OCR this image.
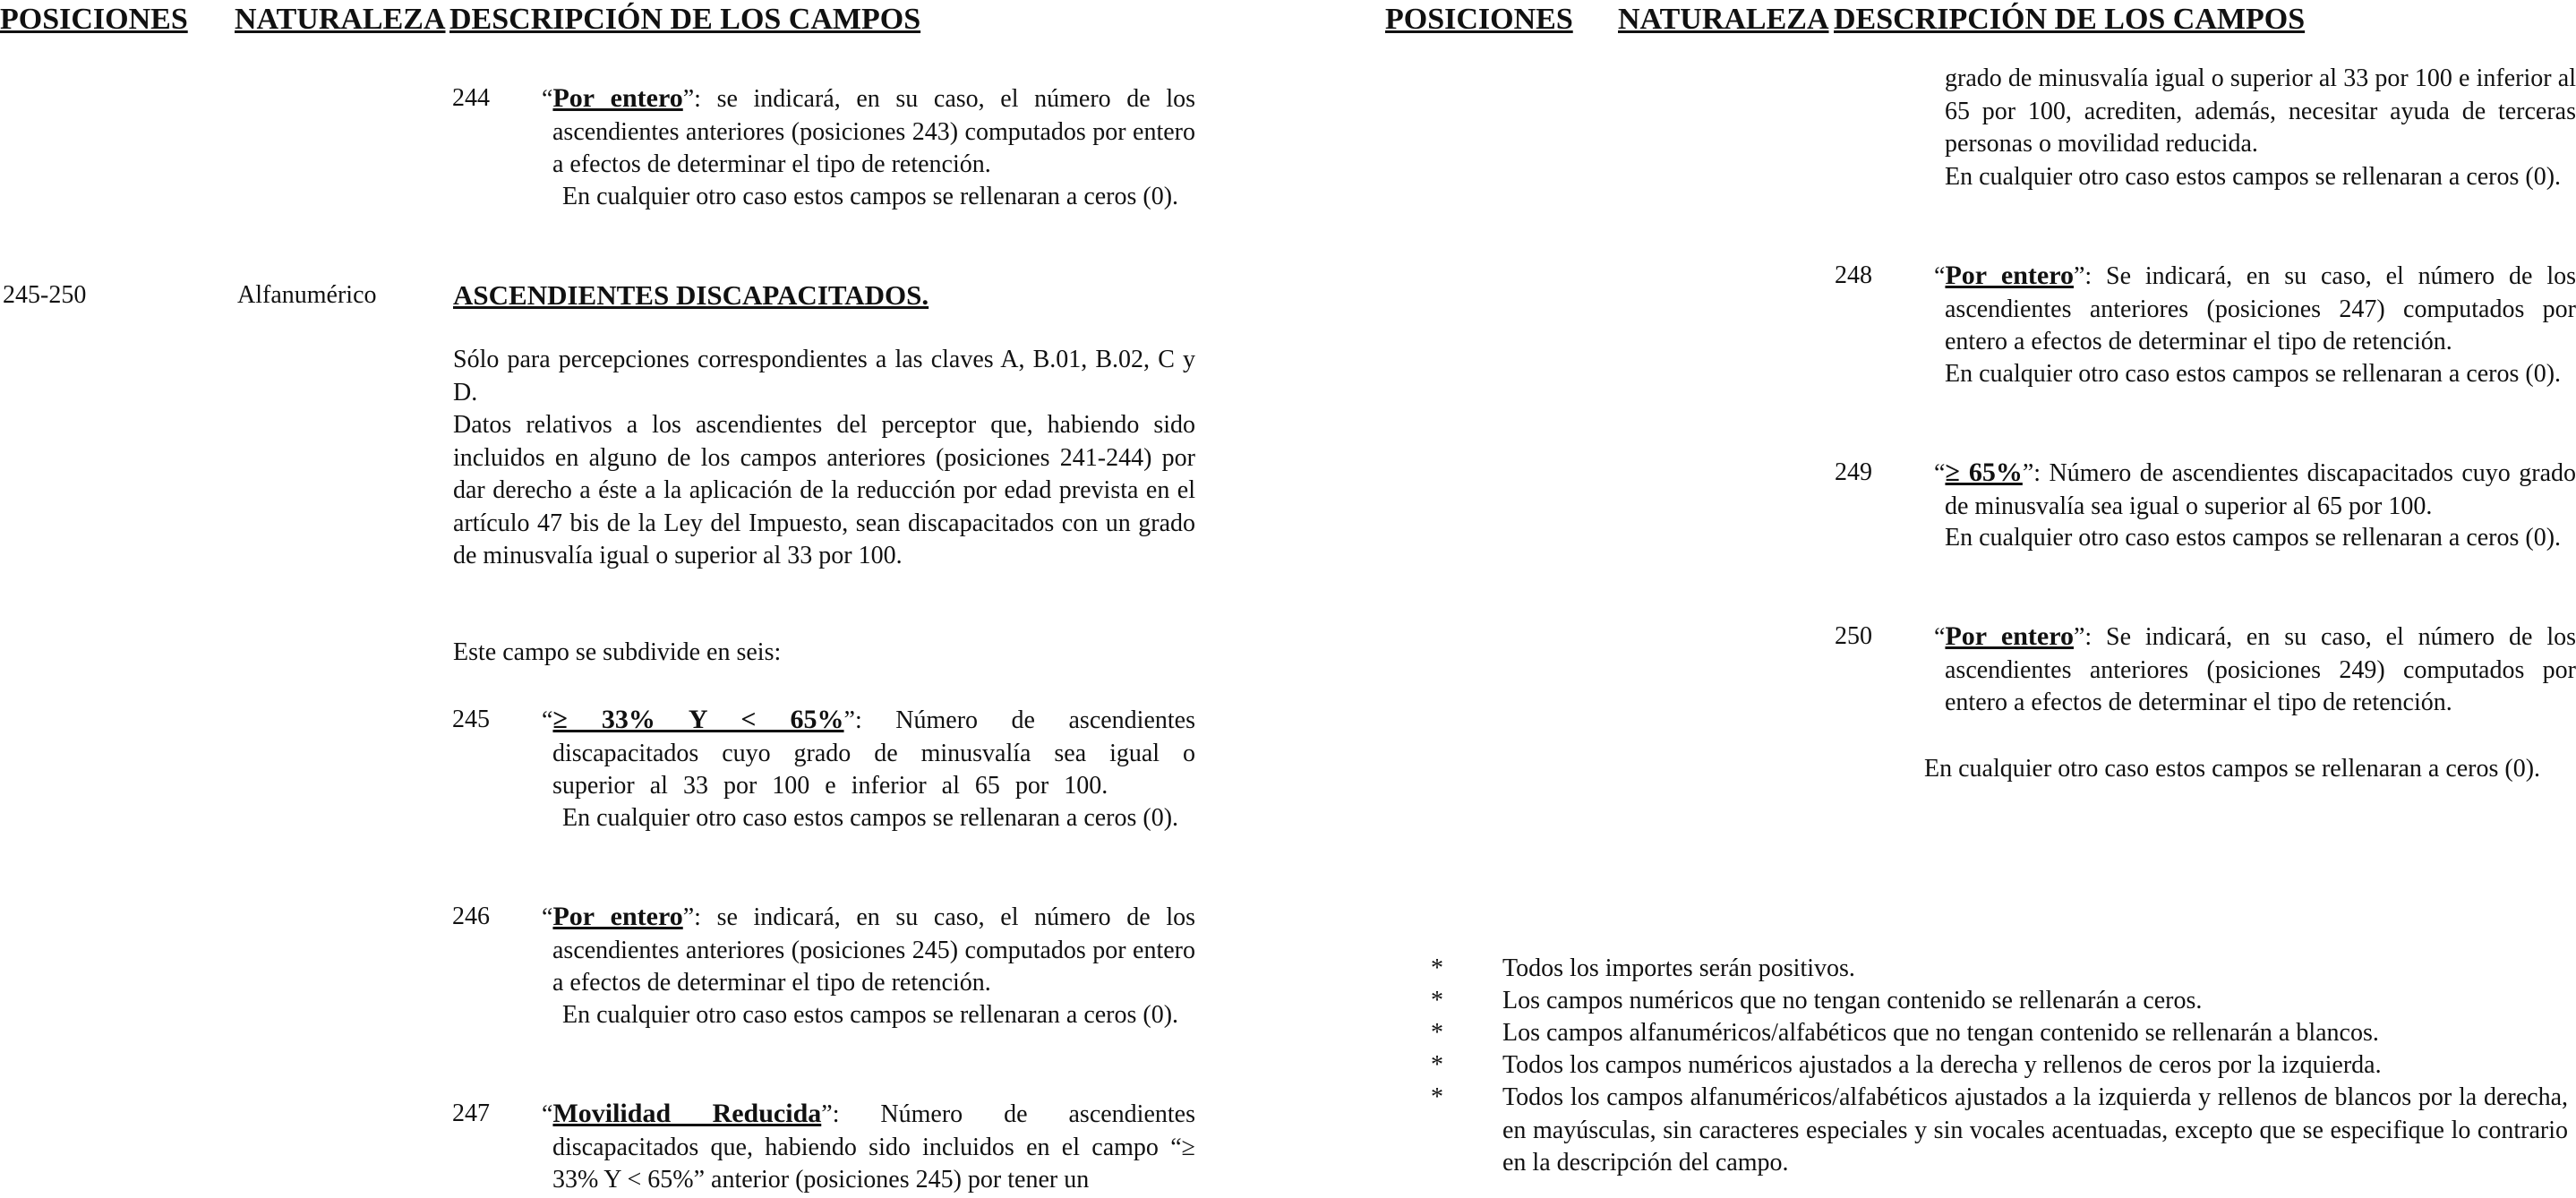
POSICIONES NATURALEZA DESCRIPCIÓN DE LOS CAMPOS
244 “Por entero”: se indicará, en su caso, el número de los ascendientes anteriores (posiciones 243) computados por entero a efectos de determinar el tipo de retención.
En cualquier otro caso estos campos se rellenaran a ceros (0).
245-250	Alfanumérico	ASCENDIENTES DISCAPACITADOS.
Sólo para percepciones correspondientes a las claves A, B.01, B.02, C y D.
Datos relativos a los ascendientes del perceptor que, habiendo sido incluidos en alguno de los campos anteriores (posiciones 241-244) por dar derecho a éste a la aplicación de la reducción por edad prevista en el artículo 47 bis de la Ley del Impuesto, sean discapacitados con un grado de minusvalía igual o superior al 33 por 100.
Este campo se subdivide en seis:
245 “≥ 33% Y < 65%”: Número de ascendientes discapacitados cuyo grado de minusvalía sea igual o superior al 33 por 100 e inferior al 65 por 100.
En cualquier otro caso estos campos se rellenaran a ceros (0).
246 “Por entero”: se indicará, en su caso, el número de los ascendientes anteriores (posiciones 245) computados por entero a efectos de determinar el tipo de retención.
En cualquier otro caso estos campos se rellenaran a ceros (0).
247 “Movilidad Reducida”: Número de ascendientes discapacitados que, habiendo sido incluidos en el campo “≥ 33% Y < 65%” anterior (posiciones 245) por tener un
POSICIONES NATURALEZA DESCRIPCIÓN DE LOS CAMPOS
grado de minusvalía igual o superior al 33 por 100 e inferior al 65 por 100, acrediten, además, necesitar ayuda de terceras personas o movilidad reducida.
En cualquier otro caso estos campos se rellenaran a ceros (0).
248 “Por entero”: Se indicará, en su caso, el número de los ascendientes anteriores (posiciones 247) computados por entero a efectos de determinar el tipo de retención.
En cualquier otro caso estos campos se rellenaran a ceros (0).
249 “≥ 65%”: Número de ascendientes discapacitados cuyo grado de minusvalía sea igual o superior al 65 por 100.
En cualquier otro caso estos campos se rellenaran a ceros (0).
250 “Por entero”: Se indicará, en su caso, el número de los ascendientes anteriores (posiciones 249) computados por entero a efectos de determinar el tipo de retención.
En cualquier otro caso estos campos se rellenaran a ceros (0).
* Todos los importes serán positivos.
* Los campos numéricos que no tengan contenido se rellenarán a ceros.
* Los campos alfanuméricos/alfabéticos que no tengan contenido se rellenarán a blancos.
* Todos los campos numéricos ajustados a la derecha y rellenos de ceros por la izquierda.
* Todos los campos alfanuméricos/alfabéticos ajustados a la izquierda y rellenos de blancos por la derecha, en mayúsculas, sin caracteres especiales y sin vocales acentuadas, excepto que se especifique lo contrario en la descripción del campo.
